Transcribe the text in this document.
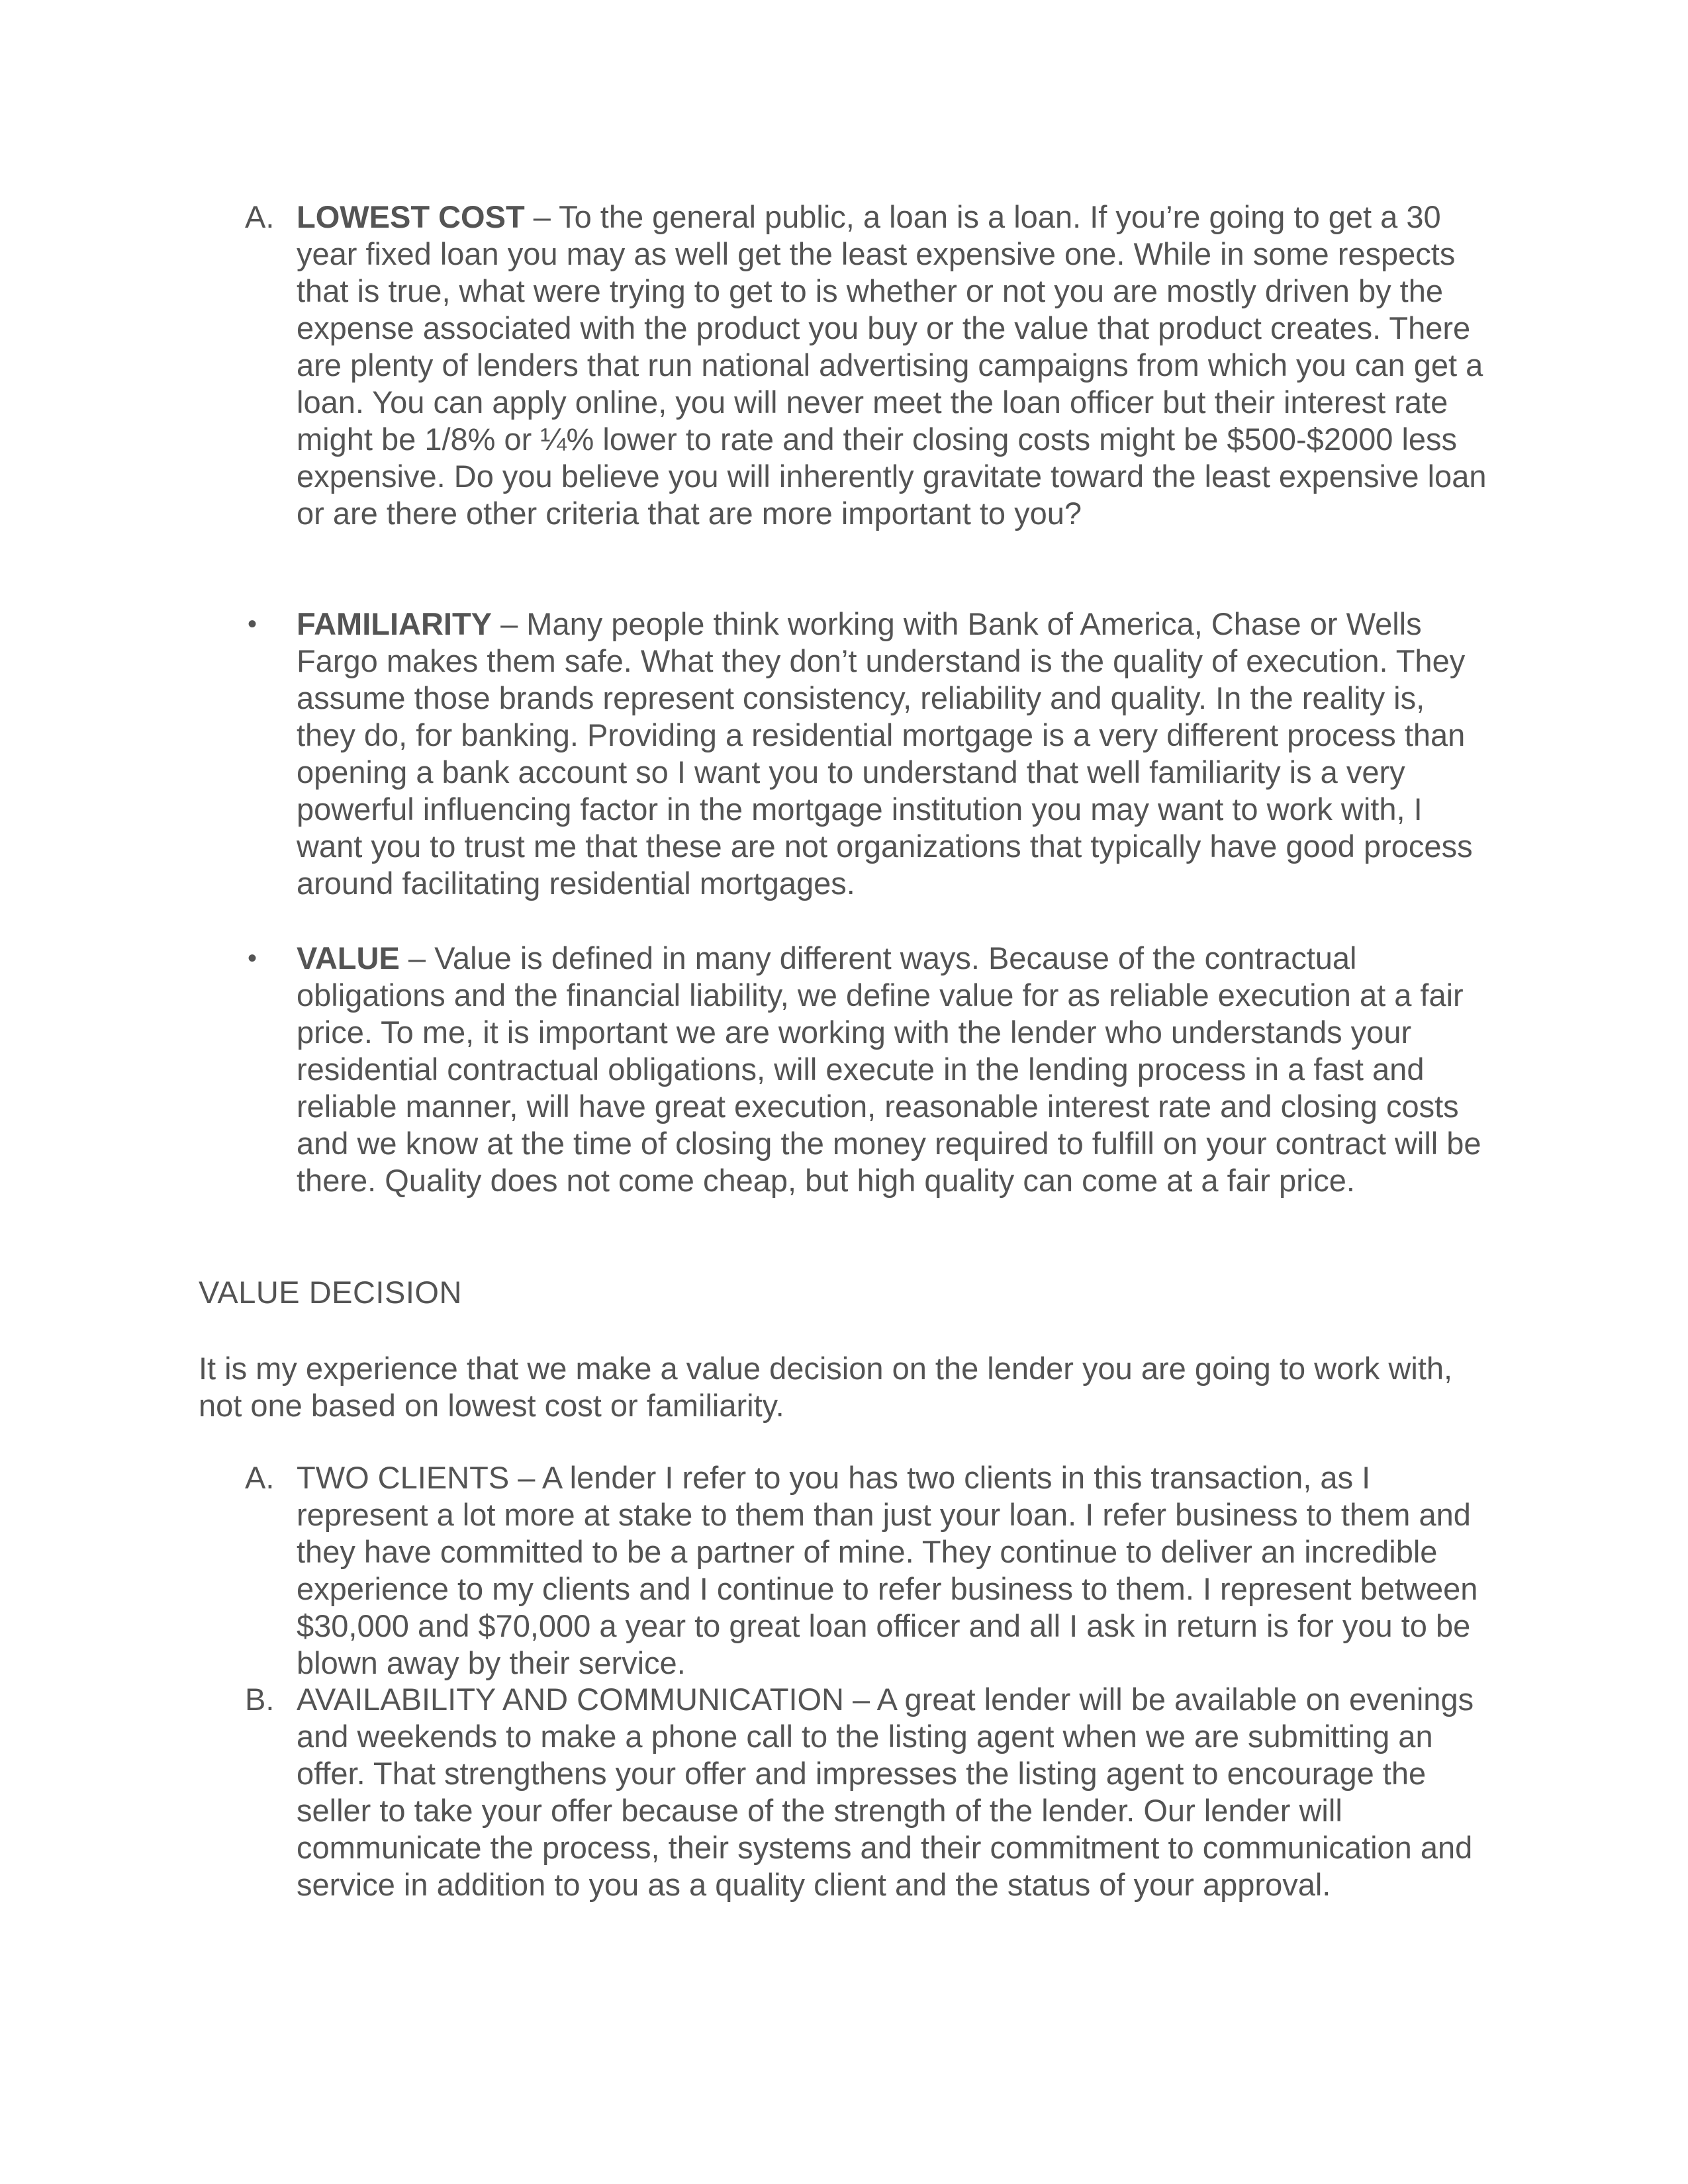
A. LOWEST COST – To the general public, a loan is a loan. If you’re going to get a 30 year fixed loan you may as well get the least expensive one. While in some respects that is true, what were trying to get to is whether or not you are mostly driven by the expense associated with the product you buy or the value that product creates. There are plenty of lenders that run national advertising campaigns from which you can get a loan. You can apply online, you will never meet the loan officer but their interest rate might be 1/8% or ¼% lower to rate and their closing costs might be $500-$2000 less expensive. Do you believe you will inherently gravitate toward the least expensive loan or are there other criteria that are more important to you?

•	FAMILIARITY – Many people think working with Bank of America, Chase or Wells Fargo makes them safe. What they don’t understand is the quality of execution. They assume those brands represent consistency, reliability and quality. In the reality is, they do, for banking. Providing a residential mortgage is a very different process than opening a bank account so I want you to understand that well familiarity is a very powerful influencing factor in the mortgage institution you may want to work with, I want you to trust me that these are not organizations that typically have good process around facilitating residential mortgages.

•	VALUE – Value is defined in many different ways. Because of the contractual obligations and the financial liability, we define value for as reliable execution at a fair price. To me, it is important we are working with the lender who understands your residential contractual obligations, will execute in the lending process in a fast and reliable manner, will have great execution, reasonable interest rate and closing costs and we know at the time of closing the money required to fulfill on your contract will be there. Quality does not come cheap, but high quality can come at a fair price.

VALUE DECISION

It is my experience that we make a value decision on the lender you are going to work with, not one based on lowest cost or familiarity.

A. TWO CLIENTS – A lender I refer to you has two clients in this transaction, as I represent a lot more at stake to them than just your loan. I refer business to them and they have committed to be a partner of mine. They continue to deliver an incredible experience to my clients and I continue to refer business to them. I represent between $30,000 and $70,000 a year to great loan officer and all I ask in return is for you to be blown away by their service.

B. AVAILABILITY AND COMMUNICATION – A great lender will be available on evenings and weekends to make a phone call to the listing agent when we are submitting an offer. That strengthens your offer and impresses the listing agent to encourage the seller to take your offer because of the strength of the lender. Our lender will communicate the process, their systems and their commitment to communication and service in addition to you as a quality client and the status of your approval.
